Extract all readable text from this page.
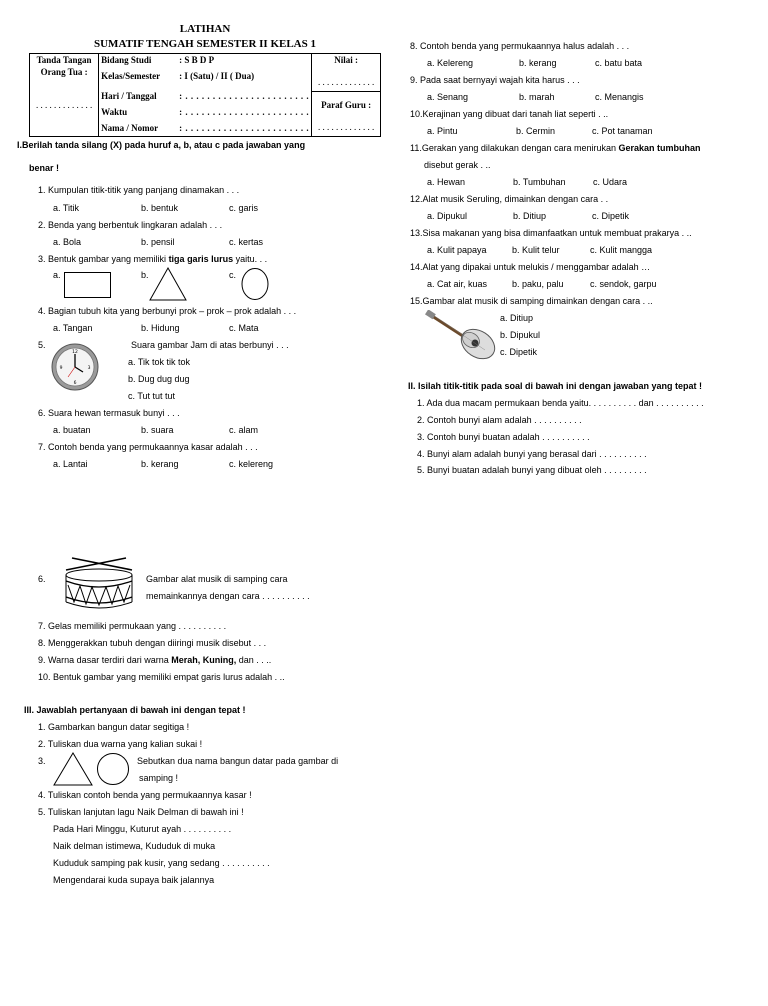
LATIHAN
SUMATIF TENGAH SEMESTER II KELAS 1
Tanda Tangan Orang Tua :
. . . . . . . . . . . . .

Bidang Studi	: S B D P
Kelas/Semester : I (Satu) / II ( Dua)
Hari / Tanggal : . . . . . . . . . . . . . . . . . . . . . . .
Waktu	: . . . . . . . . . . . . . . . . . . . . . . .
Nama / Nomor : . . . . . . . . . . . . . . . . . . . . . . .

Nilai :
. . . . . . . . . . . . .
Paraf Guru :
. . . . . . . . . . . . .
I.Berilah tanda silang (X) pada huruf a, b, atau c pada jawaban yang
benar !
1. Kumpulan titik-titik yang panjang dinamakan . . .
a. Titik	b. bentuk	c. garis
2. Benda yang berbentuk lingkaran adalah . . .
a. Bola	b. pensil	c. kertas
3. Bentuk gambar yang memiliki tiga garis lurus yaitu. . .
a.	b.	c.
4. Bagian tubuh kita yang berbunyi prok – prok – prok adalah . . .
a. Tangan	b. Hidung	c. Mata
5.
12
3
6
9
Suara gambar Jam di atas berbunyi . . .
a. Tik tok tik tok
b. Dug dug dug
c. Tut tut tut
6. Suara hewan termasuk bunyi . . .
a. buatan	b. suara	c. alam
7. Contoh benda yang permukaannya kasar adalah . . .
a. Lantai	b. kerang	c. kelereng
8. Contoh benda yang permukaannya halus adalah . . .
a. Kelereng	b. kerang	c. batu bata
9. Pada saat bernyayi wajah kita harus . . .
a. Senang	b. marah	c. Menangis
10.Kerajinan yang dibuat dari tanah liat seperti . ..
a. Pintu	b. Cermin	c. Pot tanaman
11.Gerakan yang dilakukan dengan cara menirukan Gerakan tumbuhan
disebut gerak . ..
a. Hewan	b. Tumbuhan	c. Udara
12.Alat musik Seruling, dimainkan dengan cara . .
a. Dipukul	b. Ditiup	c. Dipetik
13.Sisa makanan yang bisa dimanfaatkan untuk membuat prakarya . ..
a. Kulit papaya	b. Kulit telur	c. Kulit mangga
14.Alat yang dipakai untuk melukis / menggambar adalah …
a. Cat air, kuas	b. paku, palu	c. sendok, garpu
15.Gambar alat musik di samping dimainkan dengan cara . ..
a. Ditiup
b. Dipukul
c. Dipetik
II. Isilah titik-titik pada soal di bawah ini dengan jawaban yang tepat !
1. Ada dua macam permukaan benda yaitu. . . . . . . . . . dan . . . . . . . . . .
2. Contoh bunyi alam adalah . . . . . . . . . .
3. Contoh bunyi buatan adalah . . . . . . . . . .
4. Bunyi alam adalah bunyi yang berasal dari . . . . . . . . . .
5. Bunyi buatan adalah bunyi yang dibuat oleh . . . . . . . . .
6.	Gambar alat musik di samping cara
memainkannya dengan cara . . . . . . . . . .
7. Gelas memiliki permukaan yang . . . . . . . . . .
8. Menggerakkan tubuh dengan diiringi musik disebut . . .
9. Warna dasar terdiri dari warna Merah, Kuning, dan . . ..
10. Bentuk gambar yang memiliki empat garis lurus adalah . ..
III. Jawablah pertanyaan di bawah ini dengan tepat !
1. Gambarkan bangun datar segitiga !
2. Tuliskan dua warna yang kalian sukai !
3.	Sebutkan dua nama bangun datar pada gambar di
samping !
4. Tuliskan contoh benda yang permukaannya kasar !
5. Tuliskan lanjutan lagu Naik Delman di bawah ini !
Pada Hari Minggu, Kuturut ayah . . . . . . . . . .
Naik delman istimewa, Kududuk di muka
Kududuk samping pak kusir, yang sedang . . . . . . . . . .
Mengendarai kuda supaya baik jalannya
